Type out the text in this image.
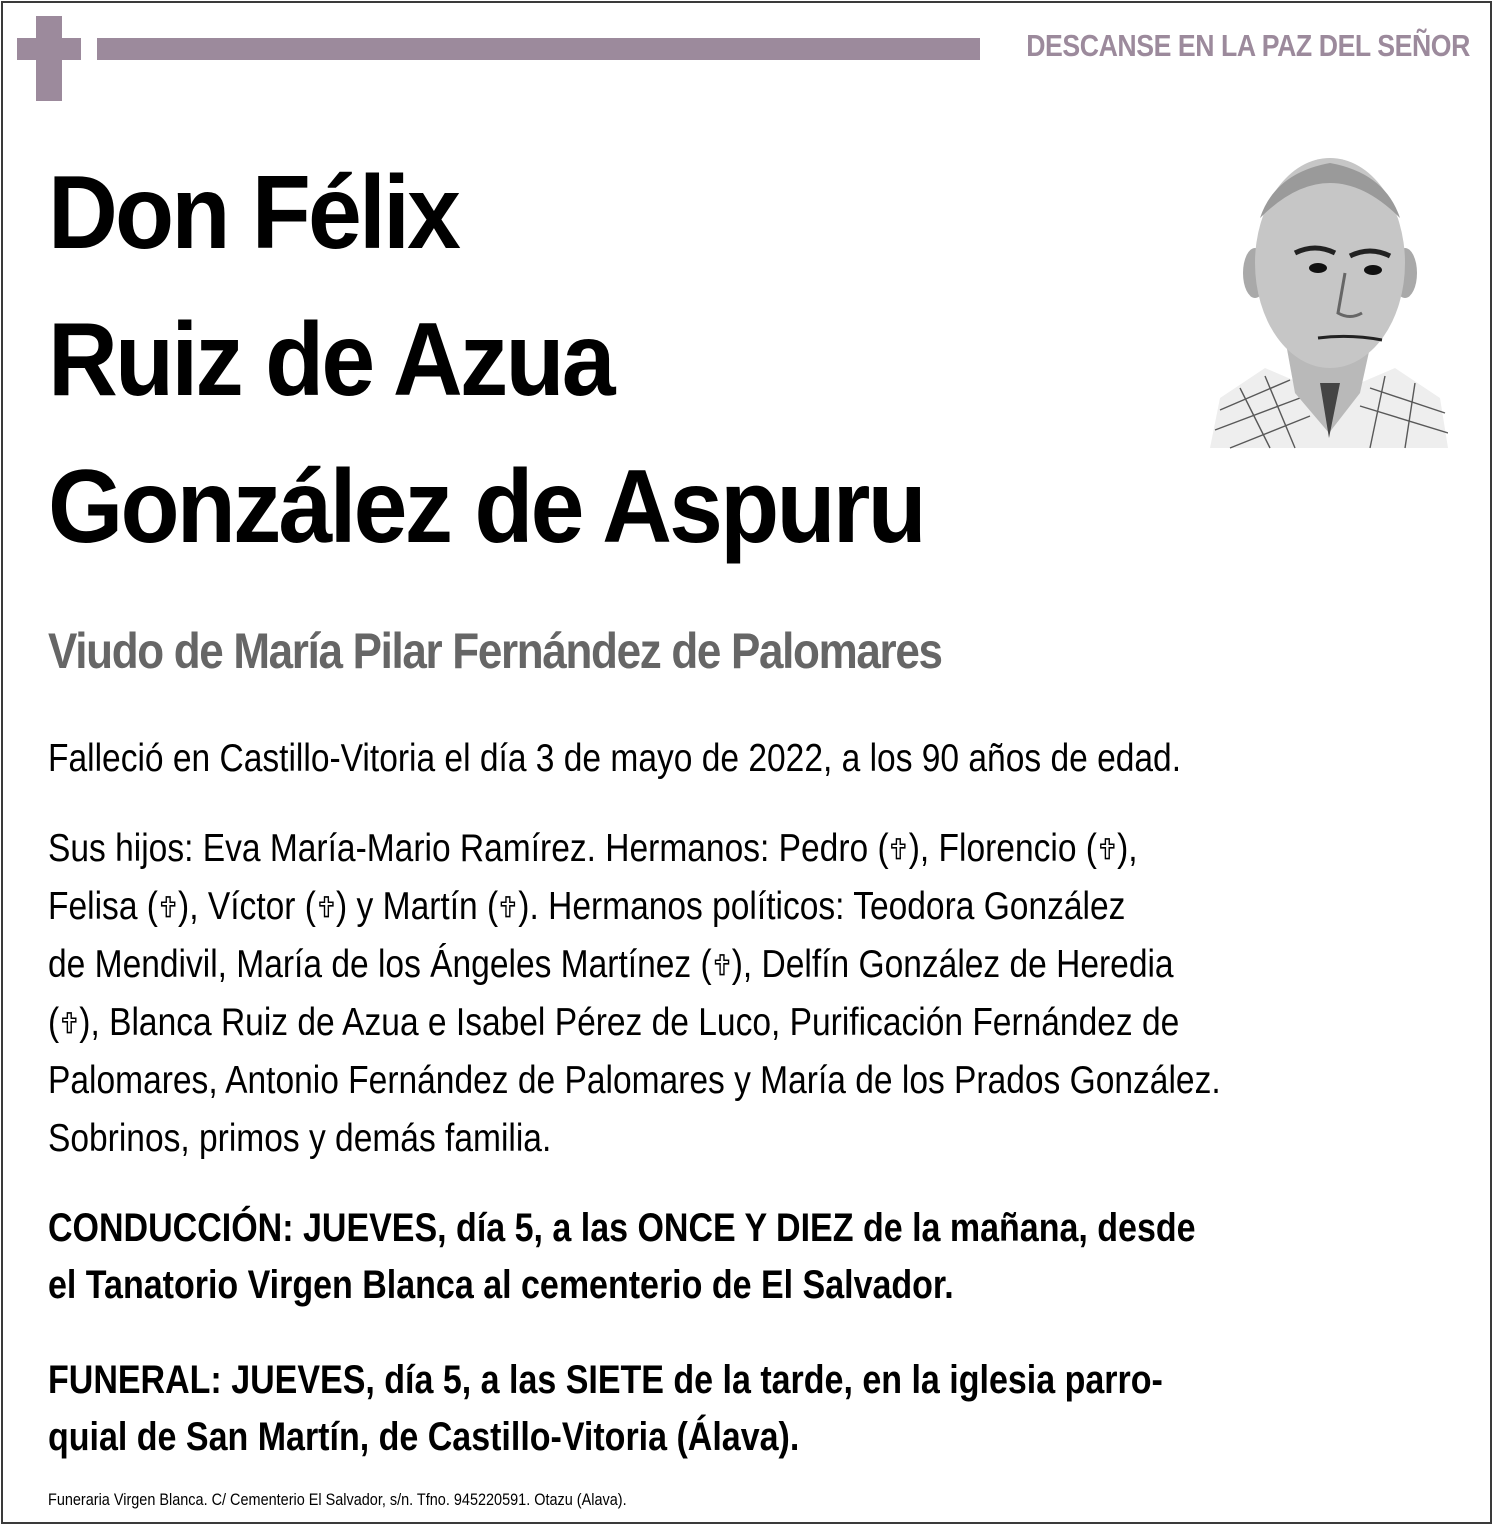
DESCANSE EN LA PAZ DEL SEÑOR
Don Félix
Ruiz de Azua
González de Aspuru
Viudo de María Pilar Fernández de Palomares
Falleció en Castillo-Vitoria el día 3 de mayo de 2022, a los 90 años de edad.
Sus hijos: Eva María-Mario Ramírez. Hermanos: Pedro ( ), Florencio ( ),
Felisa ( ), Víctor ( ) y Martín ( ). Hermanos políticos: Teodora González
de Mendivil, María de los Ángeles Martínez ( ), Delfín González de Heredia
( ), Blanca Ruiz de Azua e Isabel Pérez de Luco, Purificación Fernández de
Palomares, Antonio Fernández de Palomares y María de los Prados González.
Sobrinos, primos y demás familia.
CONDUCCIÓN: JUEVES, día 5, a las ONCE Y DIEZ de la mañana, desde
el Tanatorio Virgen Blanca al cementerio de El Salvador.
FUNERAL: JUEVES, día 5, a las SIETE de la tarde, en la iglesia parro-
quial de San Martín, de Castillo-Vitoria (Álava).
Funeraria Virgen Blanca. C/ Cementerio El Salvador, s/n. Tfno. 945220591. Otazu (Alava).
